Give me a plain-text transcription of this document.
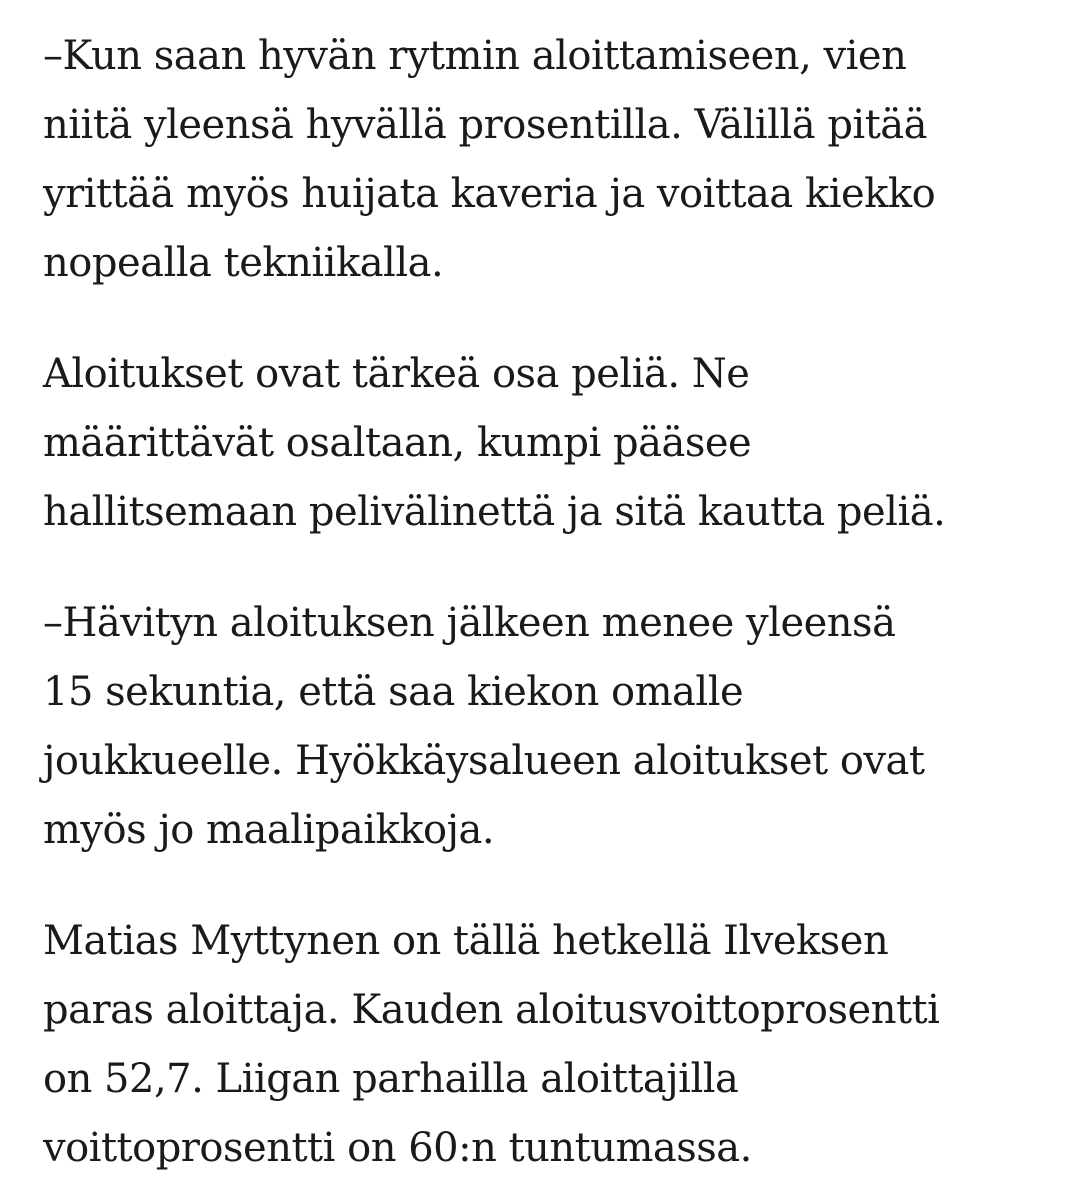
–Kun saan hyvän rytmin aloittamiseen, vien
niitä yleensä hyvällä prosentilla. Välillä pitää
yrittää myös huijata kaveria ja voittaa kiekko
nopealla tekniikalla.

Aloitukset ovat tärkeä osa peliä. Ne
määrittävät osaltaan, kumpi pääsee
hallitsemaan pelivälinettä ja sitä kautta peliä.

–Hävityn aloituksen jälkeen menee yleensä
15 sekuntia, että saa kiekon omalle
joukkueelle. Hyökkäysalueen aloitukset ovat
myös jo maalipaikkoja.

Matias Myttynen on tällä hetkellä Ilveksen
paras aloittaja. Kauden aloitusvoittoprosentti
on 52,7. Liigan parhailla aloittajilla
voittoprosentti on 60:n tuntumassa.
